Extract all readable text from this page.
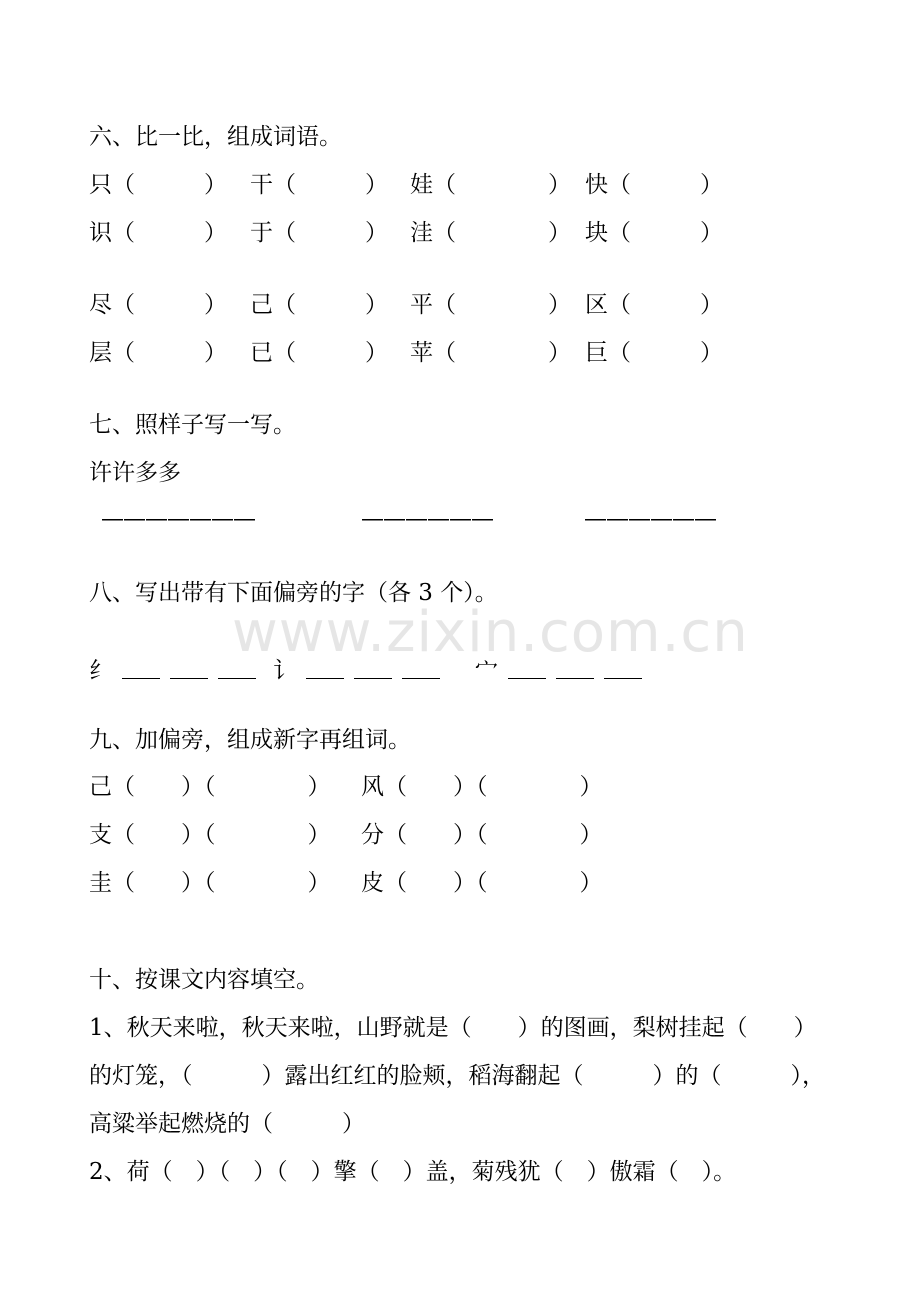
www.zixin.com.cn
六、比一比，组成词语。
只（　　　） 干（　　　） 娃（　　　　） 快（　　　）
识（　　　） 于（　　　） 洼（　　　　） 块（　　　）
尽（　　　） 己（　　　） 平（　　　　） 区（　　　）
层（　　　） 已（　　　） 苹（　　　　） 巨（　　　）
七、照样子写一写。
许许多多
———————	——————	——————
八、写出带有下面偏旁的字（各 3 个）。
纟	讠	宀
九、加偏旁，组成新字再组词。
己（　　）（　　　　） 风（　　）（　　　　）
支（　　）（　　　　） 分（　　）（　　　　）
圭（　　）（　　　　） 皮（　　）（　　　　）
十、按课文内容填空。
1、秋天来啦，秋天来啦，山野就是（　　）的图画，梨树挂起（　　）
的灯笼，（　　　）露出红红的脸颊，稻海翻起（　　　）的（　　　），
高粱举起燃烧的（　　　）
2、荷（　）（　）（　）擎（　）盖，菊残犹（　）傲霜（　）。
